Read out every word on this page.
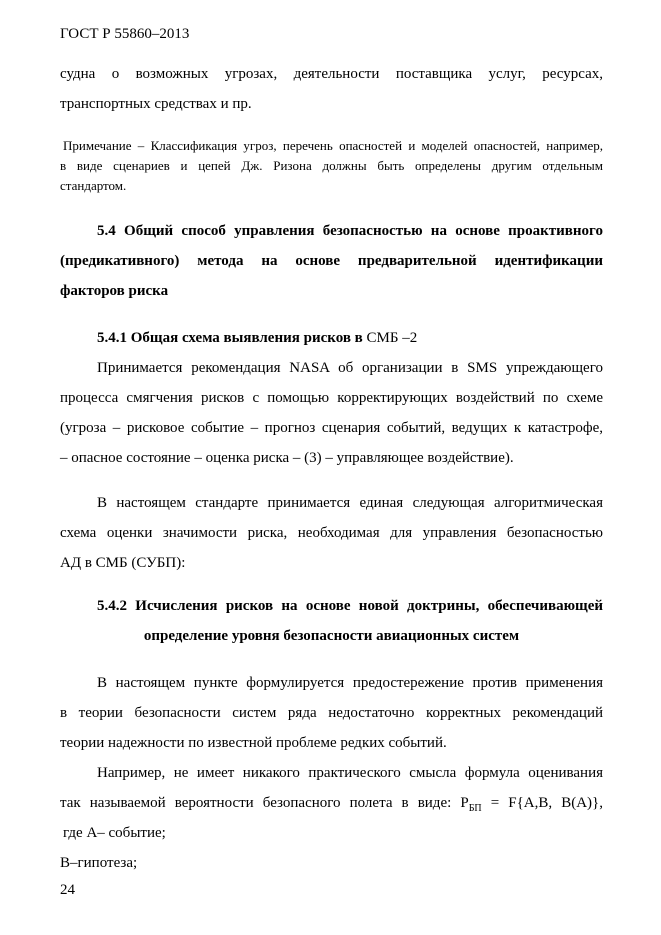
ГОСТ Р 55860–2013
судна о возможных угрозах, деятельности поставщика услуг, ресурсах,
транспортных средствах и пр.
Примечание – Классификация угроз, перечень опасностей и моделей опасностей, например,
в виде сценариев и цепей Дж. Ризона должны быть определены другим отдельным
стандартом.
5.4 Общий способ управления безопасностью на основе проактивного
(предикативного) метода на основе предварительной идентификации
факторов риска
5.4.1 Общая схема выявления рисков в СМБ –2
Принимается рекомендация NASA об организации в SMS упреждающего
процесса смягчения рисков с помощью корректирующих воздействий по схеме
(угроза – рисковое событие – прогноз сценария событий, ведущих к катастрофе,
– опасное состояние – оценка риска – (3) – управляющее воздействие).
В настоящем стандарте принимается единая следующая алгоритмическая
схема оценки значимости риска, необходимая для управления безопасностью
АД в СМБ (СУБП):
5.4.2 Исчисления рисков на основе новой доктрины, обеспечивающей
определение уровня безопасности авиационных систем
В настоящем пункте формулируется предостережение против применения
в теории безопасности систем ряда недостаточно корректных рекомендаций
теории надежности по известной проблеме редких событий.
Например, не имеет никакого практического смысла формула оценивания
так называемой вероятности безопасного полета в виде: $Р_{БП} = F\{A,B$, B(A)},
где А– событие;
В–гипотеза;
24
